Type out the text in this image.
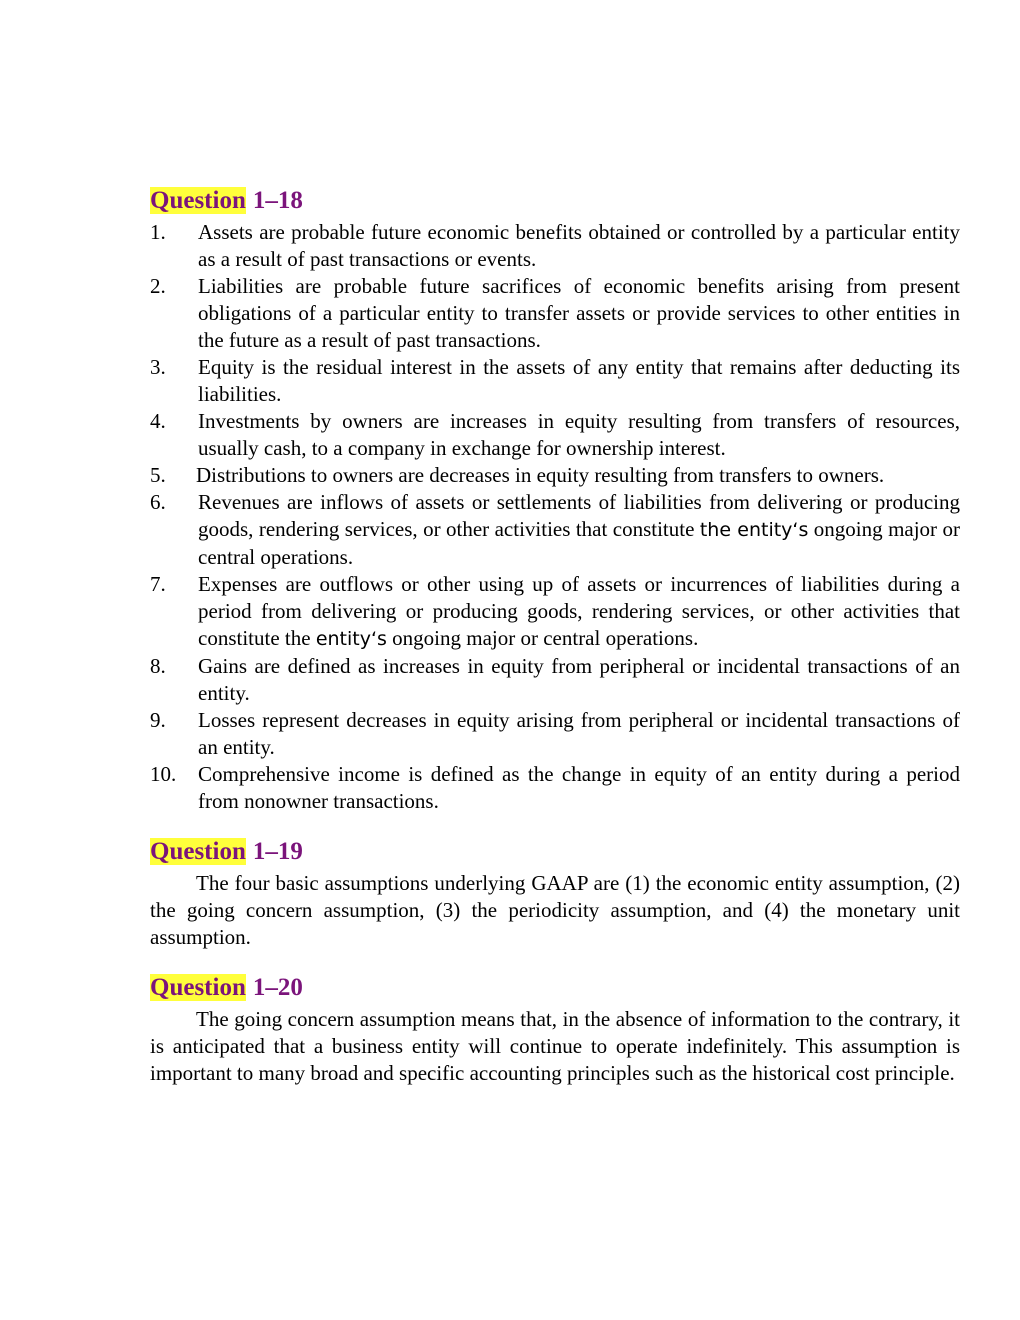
Question 1–18
1. Assets are probable future economic benefits obtained or controlled by a particular entity as a result of past transactions or events.
2. Liabilities are probable future sacrifices of economic benefits arising from present obligations of a particular entity to transfer assets or provide services to other entities in the future as a result of past transactions.
3. Equity is the residual interest in the assets of any entity that remains after deducting its liabilities.
4. Investments by owners are increases in equity resulting from transfers of resources, usually cash, to a company in exchange for ownership interest.
5. Distributions to owners are decreases in equity resulting from transfers to owners.
6. Revenues are inflows of assets or settlements of liabilities from delivering or producing goods, rendering services, or other activities that constitute the entity‘s ongoing major or central operations.
7. Expenses are outflows or other using up of assets or incurrences of liabilities during a period from delivering or producing goods, rendering services, or other activities that constitute the entity‘s ongoing major or central operations.
8. Gains are defined as increases in equity from peripheral or incidental transactions of an entity.
9. Losses represent decreases in equity arising from peripheral or incidental transactions of an entity.
10. Comprehensive income is defined as the change in equity of an entity during a period from nonowner transactions.
Question 1–19

The four basic assumptions underlying GAAP are (1) the economic entity assumption, (2) the going concern assumption, (3) the periodicity assumption, and (4) the monetary unit assumption.

Question 1–20

The going concern assumption means that, in the absence of information to the contrary, it is anticipated that a business entity will continue to operate indefinitely. This assumption is important to many broad and specific accounting principles such as the historical cost principle.
